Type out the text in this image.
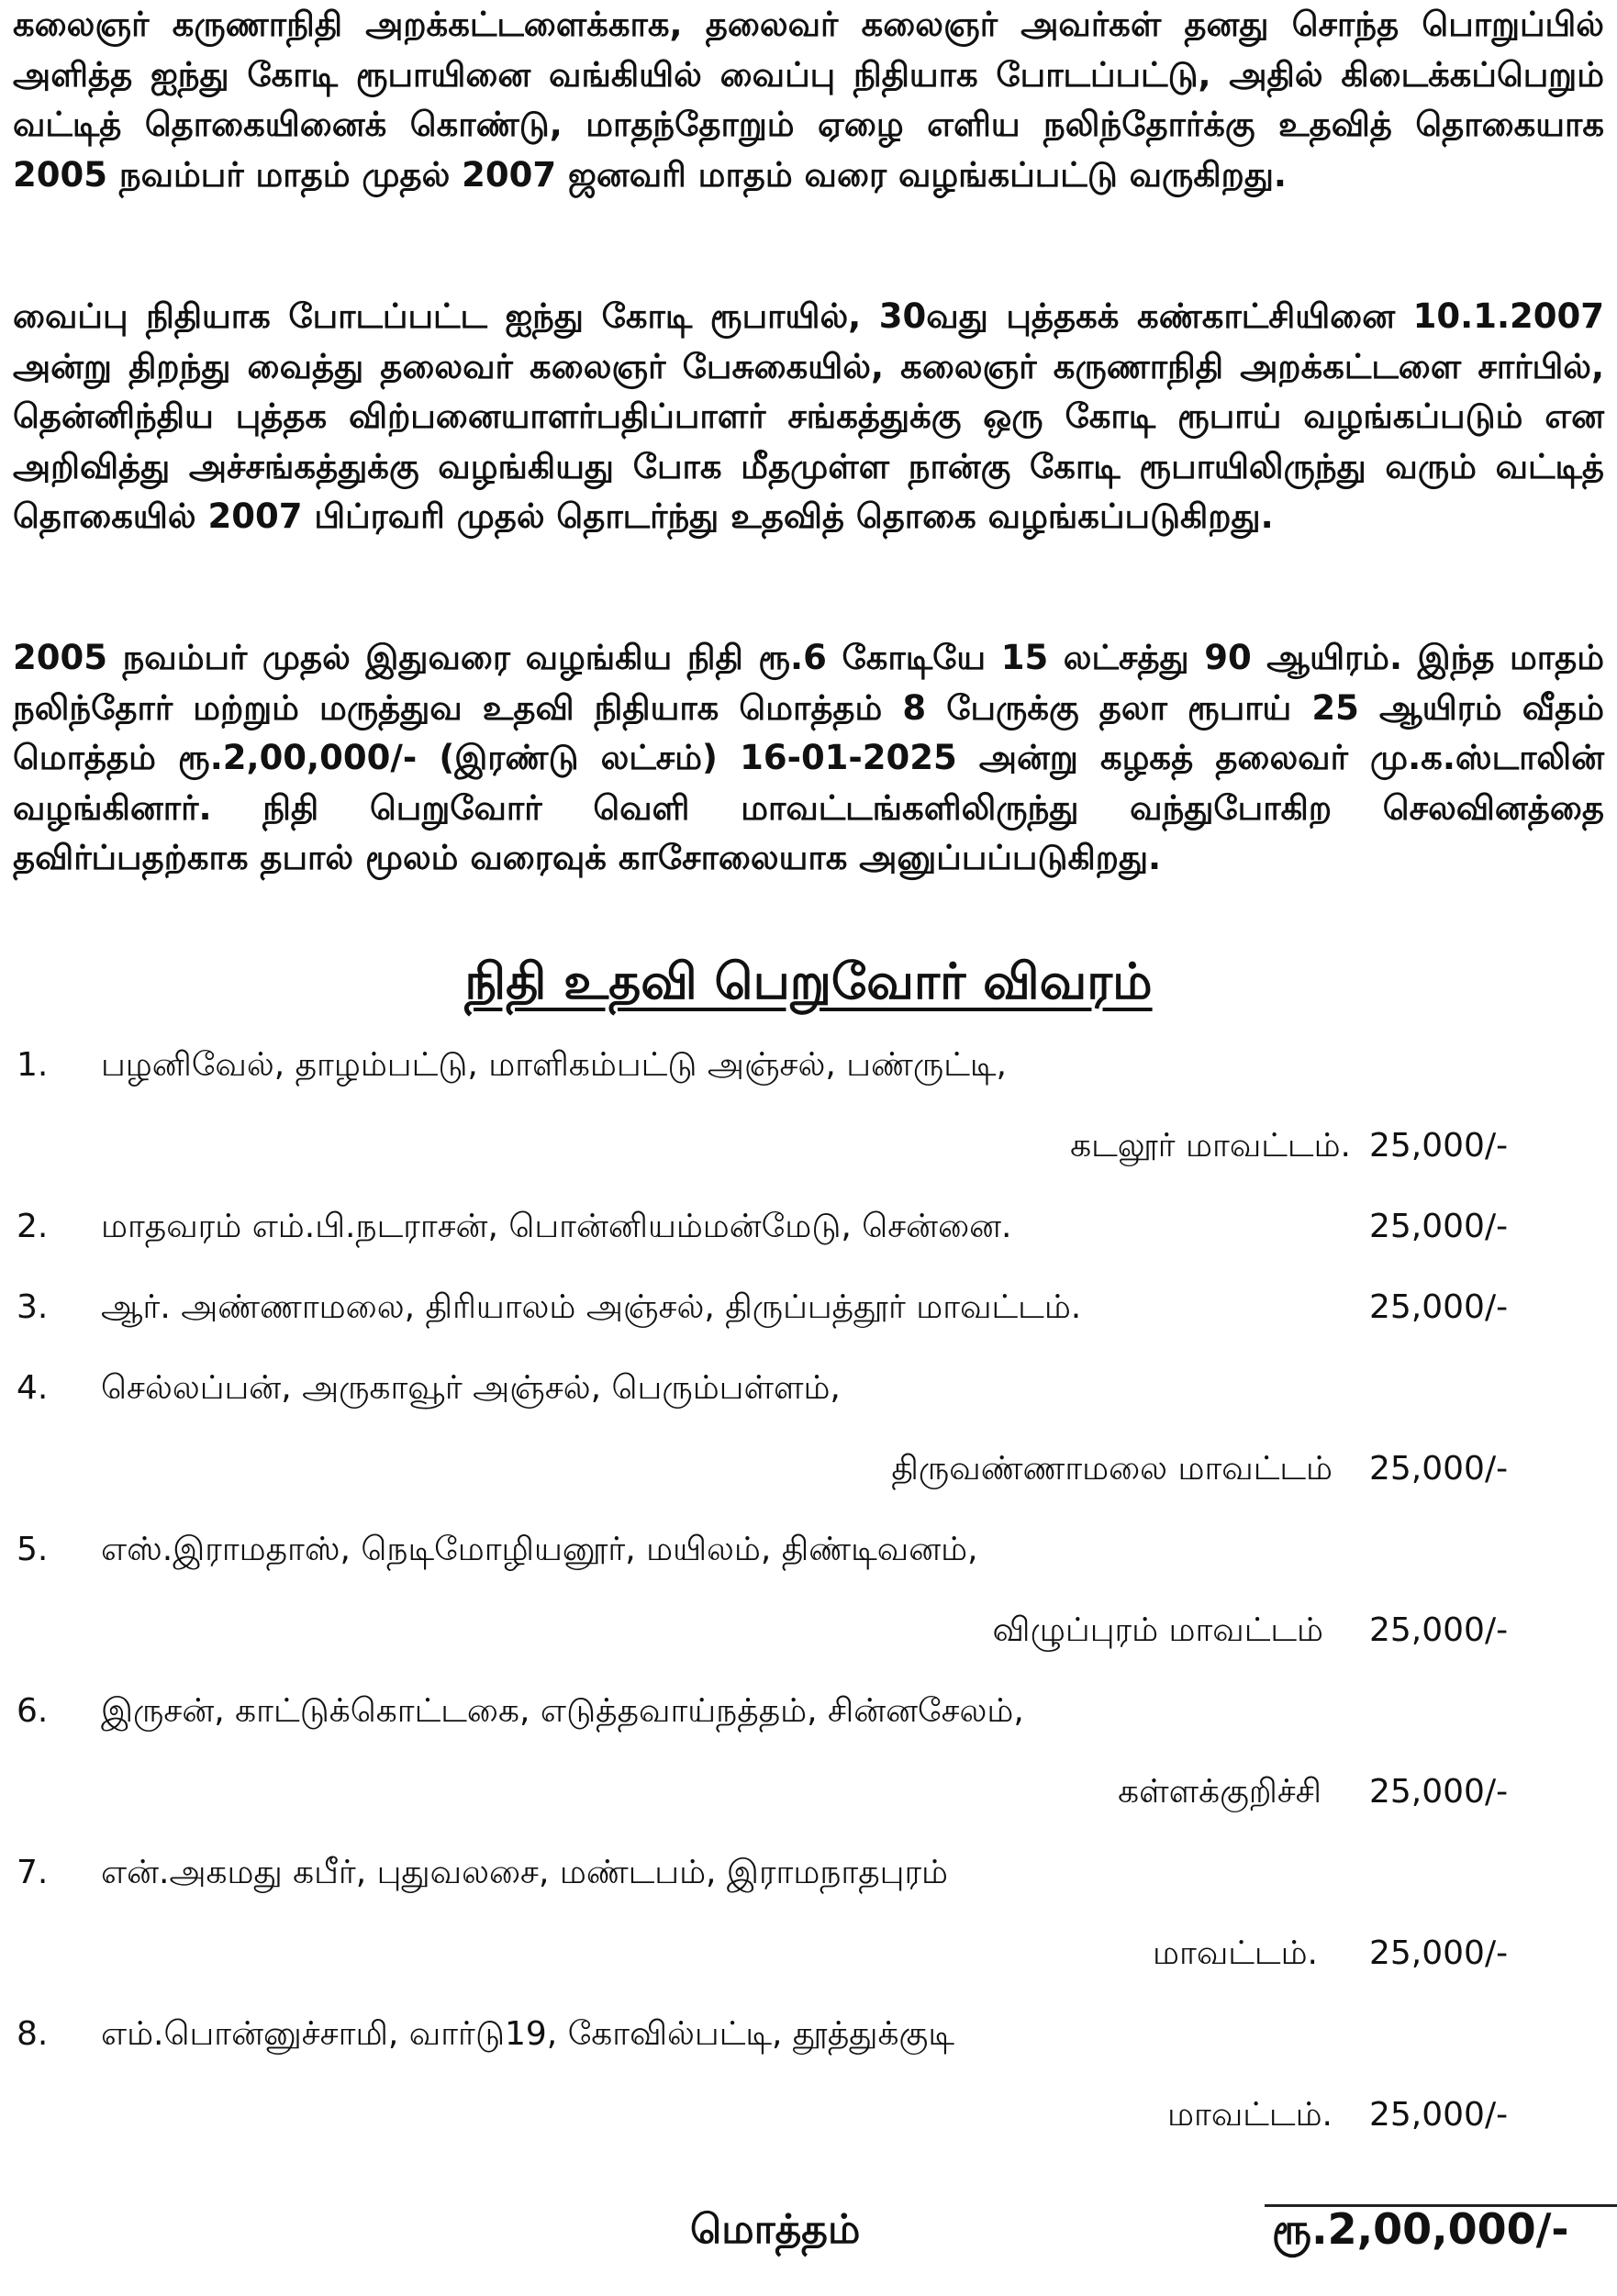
கலைஞர் கருணாநிதி அறக்கட்டளைக்காக, தலைவர் கலைஞர் அவர்கள் தனது சொந்த பொறுப்பில் அளித்த ஐந்து கோடி ரூபாயினை வங்கியில் வைப்பு நிதியாக போடப்பட்டு, அதில் கிடைக்கப்பெறும் வட்டித் தொகையினைக் கொண்டு, மாதந்தோறும் ஏழை எளிய நலிந்தோர்க்கு உதவித் தொகையாக 2005 நவம்பர் மாதம் முதல் 2007 ஜனவரி மாதம் வரை வழங்கப்பட்டு வருகிறது.

வைப்பு நிதியாக போடப்பட்ட ஐந்து கோடி ரூபாயில், 30வது புத்தகக் கண்காட்சியினை 10.1.2007 அன்று திறந்து வைத்து தலைவர் கலைஞர் பேசுகையில், கலைஞர் கருணாநிதி அறக்கட்டளை சார்பில், தென்னிந்திய புத்தக விற்பனையாளர்பதிப்பாளர் சங்கத்துக்கு ஒரு கோடி ரூபாய் வழங்கப்படும் என அறிவித்து அச்சங்கத்துக்கு வழங்கியது போக மீதமுள்ள நான்கு கோடி ரூபாயிலிருந்து வரும் வட்டித் தொகையில் 2007 பிப்ரவரி முதல் தொடர்ந்து உதவித் தொகை வழங்கப்படுகிறது.

2005 நவம்பர் முதல் இதுவரை வழங்கிய நிதி ரூ.6 கோடியே 15 லட்சத்து 90 ஆயிரம். இந்த மாதம் நலிந்தோர் மற்றும் மருத்துவ உதவி நிதியாக மொத்தம் 8 பேருக்கு தலா ரூபாய் 25 ஆயிரம் வீதம் மொத்தம் ரூ.2,00,000/- (இரண்டு லட்சம்) 16-01-2025 அன்று கழகத் தலைவர் மு.க.ஸ்டாலின் வழங்கினார். நிதி பெறுவோர் வெளி மாவட்டங்களிலிருந்து வந்துபோகிற செலவினத்தை தவிர்ப்பதற்காக தபால் மூலம் வரைவுக் காசோலையாக அனுப்பப்படுகிறது.

நிதி உதவி பெறுவோர் விவரம்
1. பழனிவேல், தாழம்பட்டு, மாளிகம்பட்டு அஞ்சல், பண்ருட்டி,
கடலூர் மாவட்டம். 25,000/-
2. மாதவரம் எம்.பி.நடராசன், பொன்னியம்மன்மேடு, சென்னை.	25,000/-
3. ஆர். அண்ணாமலை, திரியாலம் அஞ்சல், திருப்பத்தூர் மாவட்டம்.	25,000/-
4. செல்லப்பன், அருகாவூர் அஞ்சல், பெரும்பள்ளம்,
திருவண்ணாமலை மாவட்டம் 25,000/-
5. எஸ்.இராமதாஸ், நெடிமோழியனூர், மயிலம், திண்டிவனம்,
விழுப்புரம் மாவட்டம் 25,000/-
6. இருசன், காட்டுக்கொட்டகை, எடுத்தவாய்நத்தம், சின்னசேலம்,
கள்ளக்குறிச்சி 25,000/-
7. என்.அகமது கபீர், புதுவலசை, மண்டபம், இராமநாதபுரம்
மாவட்டம். 25,000/-
8. எம்.பொன்னுச்சாமி, வார்டு19, கோவில்பட்டி, தூத்துக்குடி
மாவட்டம். 25,000/-
மொத்தம்	ரூ.2,00,000/-
